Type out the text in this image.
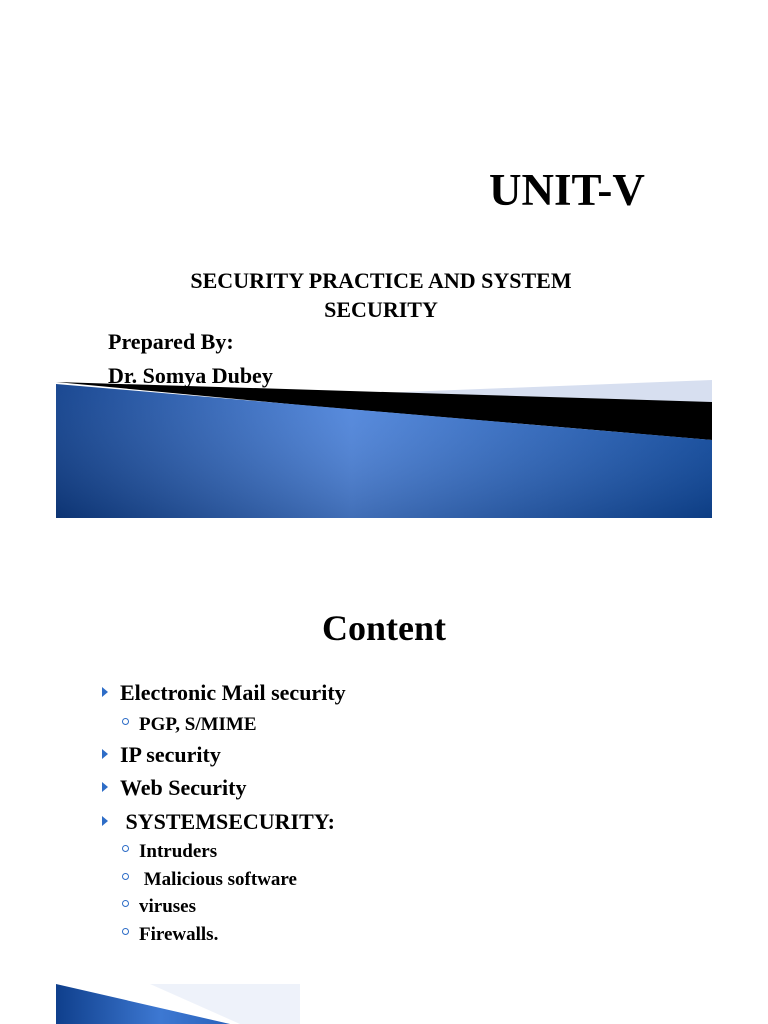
UNIT-V
SECURITY PRACTICE AND SYSTEM SECURITY
Prepared By:
Dr. Somya Dubey
Content
Electronic Mail security
PGP, S/MIME
IP security
Web Security
SYSTEMSECURITY:
Intruders
Malicious software
viruses
Firewalls.
